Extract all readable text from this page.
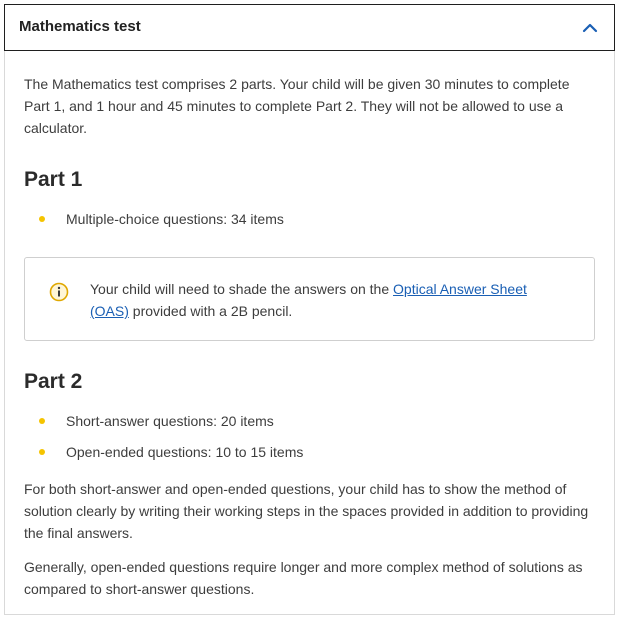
Mathematics test

The Mathematics test comprises 2 parts. Your child will be given 30 minutes to complete Part 1, and 1 hour and 45 minutes to complete Part 2. They will not be allowed to use a calculator.

Part 1
Multiple-choice questions: 34 items

Your child will need to shade the answers on the Optical Answer Sheet
(OAS) provided with a 2B pencil.

Part 2
Short-answer questions: 20 items
Open-ended questions: 10 to 15 items

For both short-answer and open-ended questions, your child has to show the method of solution clearly by writing their working steps in the spaces provided in addition to providing the final answers.

Generally, open-ended questions require longer and more complex method of solutions as compared to short-answer questions.
